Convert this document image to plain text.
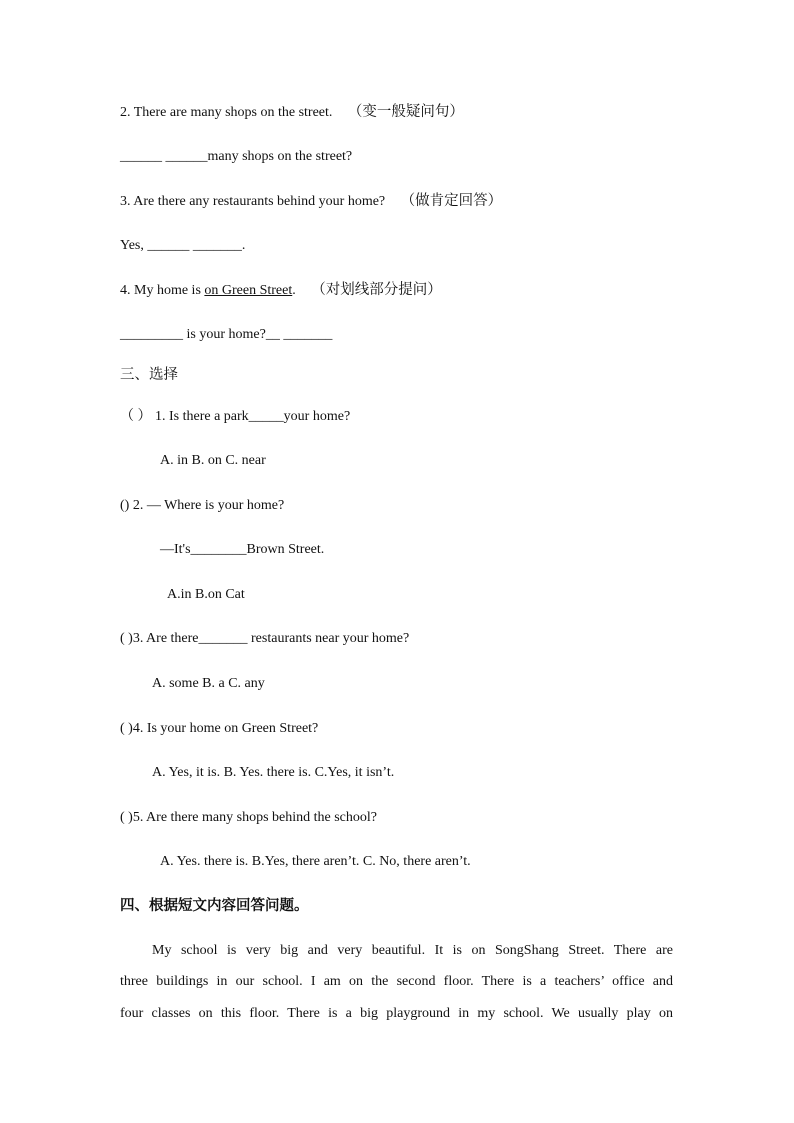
2. There are many shops on the street. （变一般疑问句）
______ ______many shops on the street?
3. Are there any restaurants behind your home? （做肯定回答）
Yes, ______ _______.
4. My home is on Green Street. （对划线部分提问）
_________ is your home?__ _______
三、选择
（ ） 1. Is there a park_____your home?
A. in B. on C. near
() 2. — Where is your home?
—It's________Brown Street.
A.in B.on Cat
( )3. Are there_______ restaurants near your home?
A. some B. a C. any
( )4. Is your home on Green Street?
A. Yes, it is. B. Yes. there is. C.Yes, it isn’t.
( )5. Are there many shops behind the school?
A. Yes. there is. B.Yes, there aren’t. C. No, there aren’t.
四、根据短文内容回答问题。
My school is very big and very beautiful. It is on SongShang Street. There are
three buildings in our school. I am on the second floor. There is a teachers’ office and
four classes on this floor. There is a big playground in my school. We usually play on
